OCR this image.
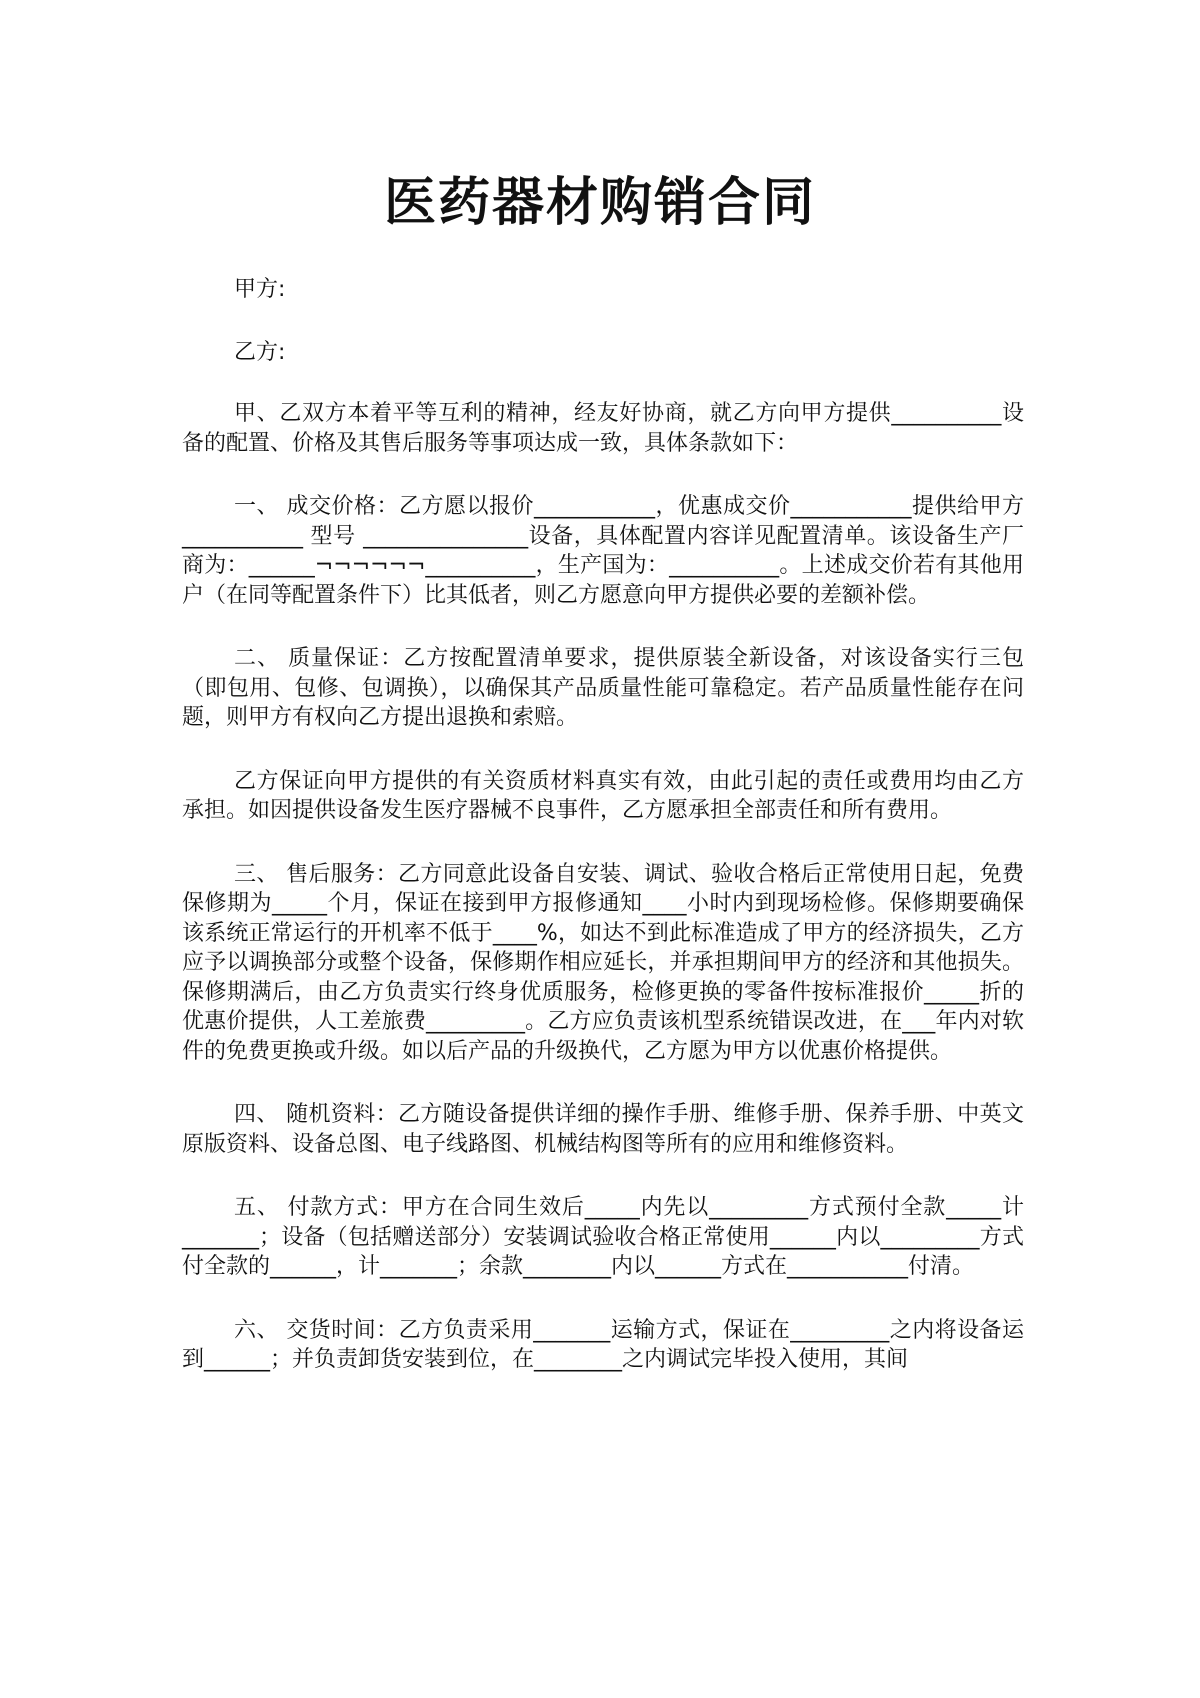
医药器材购销合同

甲方:

乙方:

甲、乙双方本着平等互利的精神，经友好协商，就乙方向甲方提供__________设备的配置、价格及其售后服务等事项达成一致，具体条款如下：

一、 成交价格：乙方愿以报价___________，优惠成交价___________提供给甲方___________ 型号 _______________设备，具体配置内容详见配置清单。该设备生产厂商为：______¬¬¬¬¬¬__________，生产国为：__________。上述成交价若有其他用户（在同等配置条件下）比其低者，则乙方愿意向甲方提供必要的差额补偿。

二、 质量保证：乙方按配置清单要求，提供原装全新设备，对该设备实行三包（即包用、包修、包调换），以确保其产品质量性能可靠稳定。若产品质量性能存在问题，则甲方有权向乙方提出退换和索赔。

乙方保证向甲方提供的有关资质材料真实有效，由此引起的责任或费用均由乙方承担。如因提供设备发生医疗器械不良事件，乙方愿承担全部责任和所有费用。

三、 售后服务：乙方同意此设备自安装、调试、验收合格后正常使用日起，免费保修期为_____个月，保证在接到甲方报修通知____小时内到现场检修。保修期要确保该系统正常运行的开机率不低于____%，如达不到此标准造成了甲方的经济损失，乙方应予以调换部分或整个设备，保修期作相应延长，并承担期间甲方的经济和其他损失。保修期满后，由乙方负责实行终身优质服务，检修更换的零备件按标准报价_____折的优惠价提供，人工差旅费_________。乙方应负责该机型系统错误改进，在___年内对软件的免费更换或升级。如以后产品的升级换代，乙方愿为甲方以优惠价格提供。

四、 随机资料：乙方随设备提供详细的操作手册、维修手册、保养手册、中英文原版资料、设备总图、电子线路图、机械结构图等所有的应用和维修资料。

五、 付款方式：甲方在合同生效后_____内先以_________方式预付全款_____计_______；设备（包括赠送部分）安装调试验收合格正常使用______内以_________方式付全款的______，计_______；余款________内以______方式在___________付清。

六、 交货时间：乙方负责采用_______运输方式，保证在_________之内将设备运到______；并负责卸货安装到位，在________之内调试完毕投入使用，其间
